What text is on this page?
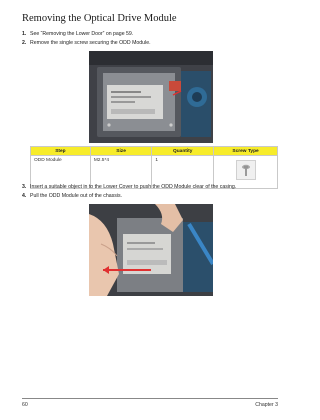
Removing the Optical Drive Module
1. See “Removing the Lower Door” on page 59.
2. Remove the single screw securing the ODD Module.
Step	Size	Quantity	Screw Type
ODD Module	M2.5*4	1	
3. Insert a suitable object in to the Lower Cover to push the ODD Module clear of the casing.
4. Pull the ODD Module out of the chassis.
60	Chapter 3
